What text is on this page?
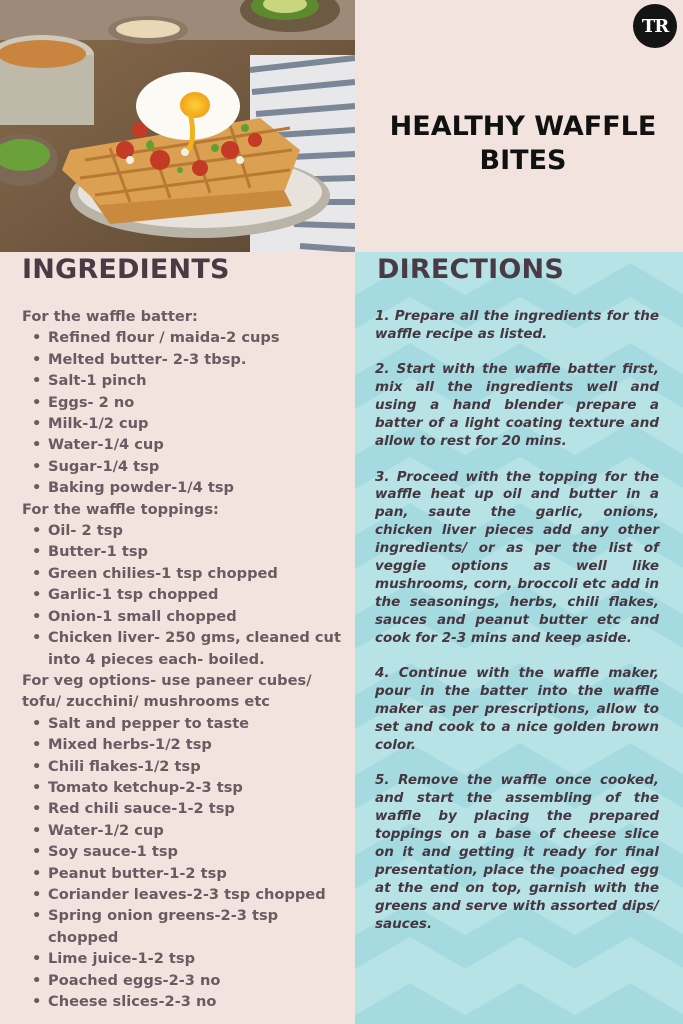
TR
HEALTHY WAFFLE BITES
INGREDIENTS
For the waffle batter:
• Refined flour / maida-2 cups
• Melted butter- 2-3 tbsp.
• Salt-1 pinch
• Eggs- 2 no
• Milk-1/2 cup
• Water-1/4 cup
• Sugar-1/4 tsp
• Baking powder-1/4 tsp
For the waffle toppings:
• Oil- 2 tsp
• Butter-1 tsp
• Green chilies-1 tsp chopped
• Garlic-1 tsp chopped
• Onion-1 small chopped
• Chicken liver- 250 gms, cleaned cut into 4 pieces each- boiled.
For veg options- use paneer cubes/ tofu/ zucchini/ mushrooms etc
• Salt and pepper to taste
• Mixed herbs-1/2 tsp
• Chili flakes-1/2 tsp
• Tomato ketchup-2-3 tsp
• Red chili sauce-1-2 tsp
• Water-1/2 cup
• Soy sauce-1 tsp
• Peanut butter-1-2 tsp
• Coriander leaves-2-3 tsp chopped
• Spring onion greens-2-3 tsp chopped
• Lime juice-1-2 tsp
• Poached eggs-2-3 no
• Cheese slices-2-3 no
DIRECTIONS

1. Prepare all the ingredients for the waffle recipe as listed.

2. Start with the waffle batter first, mix all the ingredients well and using a hand blender prepare a batter of a light coating texture and allow to rest for 20 mins.

3. Proceed with the topping for the waffle heat up oil and butter in a pan, saute the garlic, onions, chicken liver pieces add any other ingredients/ or as per the list of veggie options as well like mushrooms, corn, broccoli etc add in the seasonings, herbs, chili flakes, sauces and peanut butter etc and cook for 2-3 mins and keep aside.

4. Continue with the waffle maker, pour in the batter into the waffle maker as per prescriptions, allow to set and cook to a nice golden brown color.

5. Remove the waffle once cooked, and start the assembling of the waffle by placing the prepared toppings on a base of cheese slice on it and getting it ready for final presentation, place the poached egg at the end on top, garnish with the greens and serve with assorted dips/ sauces.
